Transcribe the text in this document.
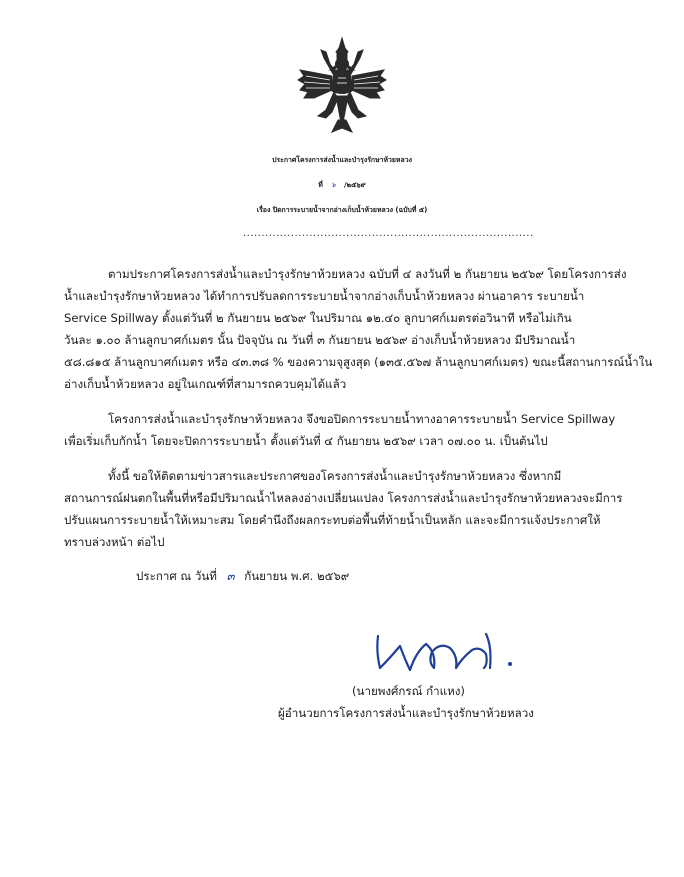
ประกาศโครงการส่งน้ำและบำรุงรักษาห้วยหลวง
ที่ ๖ /๒๕๖๙
เรื่อง ปิดการระบายน้ำจากอ่างเก็บน้ำห้วยหลวง (ฉบับที่ ๕)
...............................................................................
ตามประกาศโครงการส่งน้ำและบำรุงรักษาห้วยหลวง ฉบับที่ ๔ ลงวันที่ ๒ กันยายน ๒๕๖๙ โดยโครงการส่ง
น้ำและบำรุงรักษาห้วยหลวง ได้ทำการปรับลดการระบายน้ำจากอ่างเก็บน้ำห้วยหลวง ผ่านอาคาร ระบายน้ำ
Service Spillway ตั้งแต่วันที่ ๒ กันยายน ๒๕๖๙ ในปริมาณ ๑๒.๔๐ ลูกบาศก์เมตรต่อวินาที หรือไม่เกิน
วันละ ๑.๐๐ ล้านลูกบาศก์เมตร นั้น ปัจจุบัน ณ วันที่ ๓ กันยายน ๒๕๖๙ อ่างเก็บน้ำห้วยหลวง มีปริมาณน้ำ
๕๘.๘๑๕ ล้านลูกบาศก์เมตร หรือ ๔๓.๓๘ % ของความจุสูงสุด (๑๓๕.๕๖๗ ล้านลูกบาศก์เมตร) ขณะนี้สถานการณ์น้ำใน
อ่างเก็บน้ำห้วยหลวง อยู่ในเกณฑ์ที่สามารถควบคุมได้แล้ว
โครงการส่งน้ำและบำรุงรักษาห้วยหลวง จึงขอปิดการระบายน้ำทางอาคารระบายน้ำ Service Spillway
เพื่อเริ่มเก็บกักน้ำ โดยจะปิดการระบายน้ำ ตั้งแต่วันที่ ๔ กันยายน ๒๕๖๙ เวลา ๐๗.๐๐ น. เป็นต้นไป
ทั้งนี้ ขอให้ติดตามข่าวสารและประกาศของโครงการส่งน้ำและบำรุงรักษาห้วยหลวง ซึ่งหากมี
สถานการณ์ฝนตกในพื้นที่หรือมีปริมาณน้ำไหลลงอ่างเปลี่ยนแปลง โครงการส่งน้ำและบำรุงรักษาห้วยหลวงจะมีการ
ปรับแผนการระบายน้ำให้เหมาะสม โดยคำนึงถึงผลกระทบต่อพื้นที่ท้ายน้ำเป็นหลัก และจะมีการแจ้งประกาศให้
ทราบล่วงหน้า ต่อไป
ประกาศ ณ วันที่ ๓ กันยายน พ.ศ. ๒๕๖๙
(นายพงศ์กรณ์ กำแหง)
ผู้อำนวยการโครงการส่งน้ำและบำรุงรักษาห้วยหลวง
